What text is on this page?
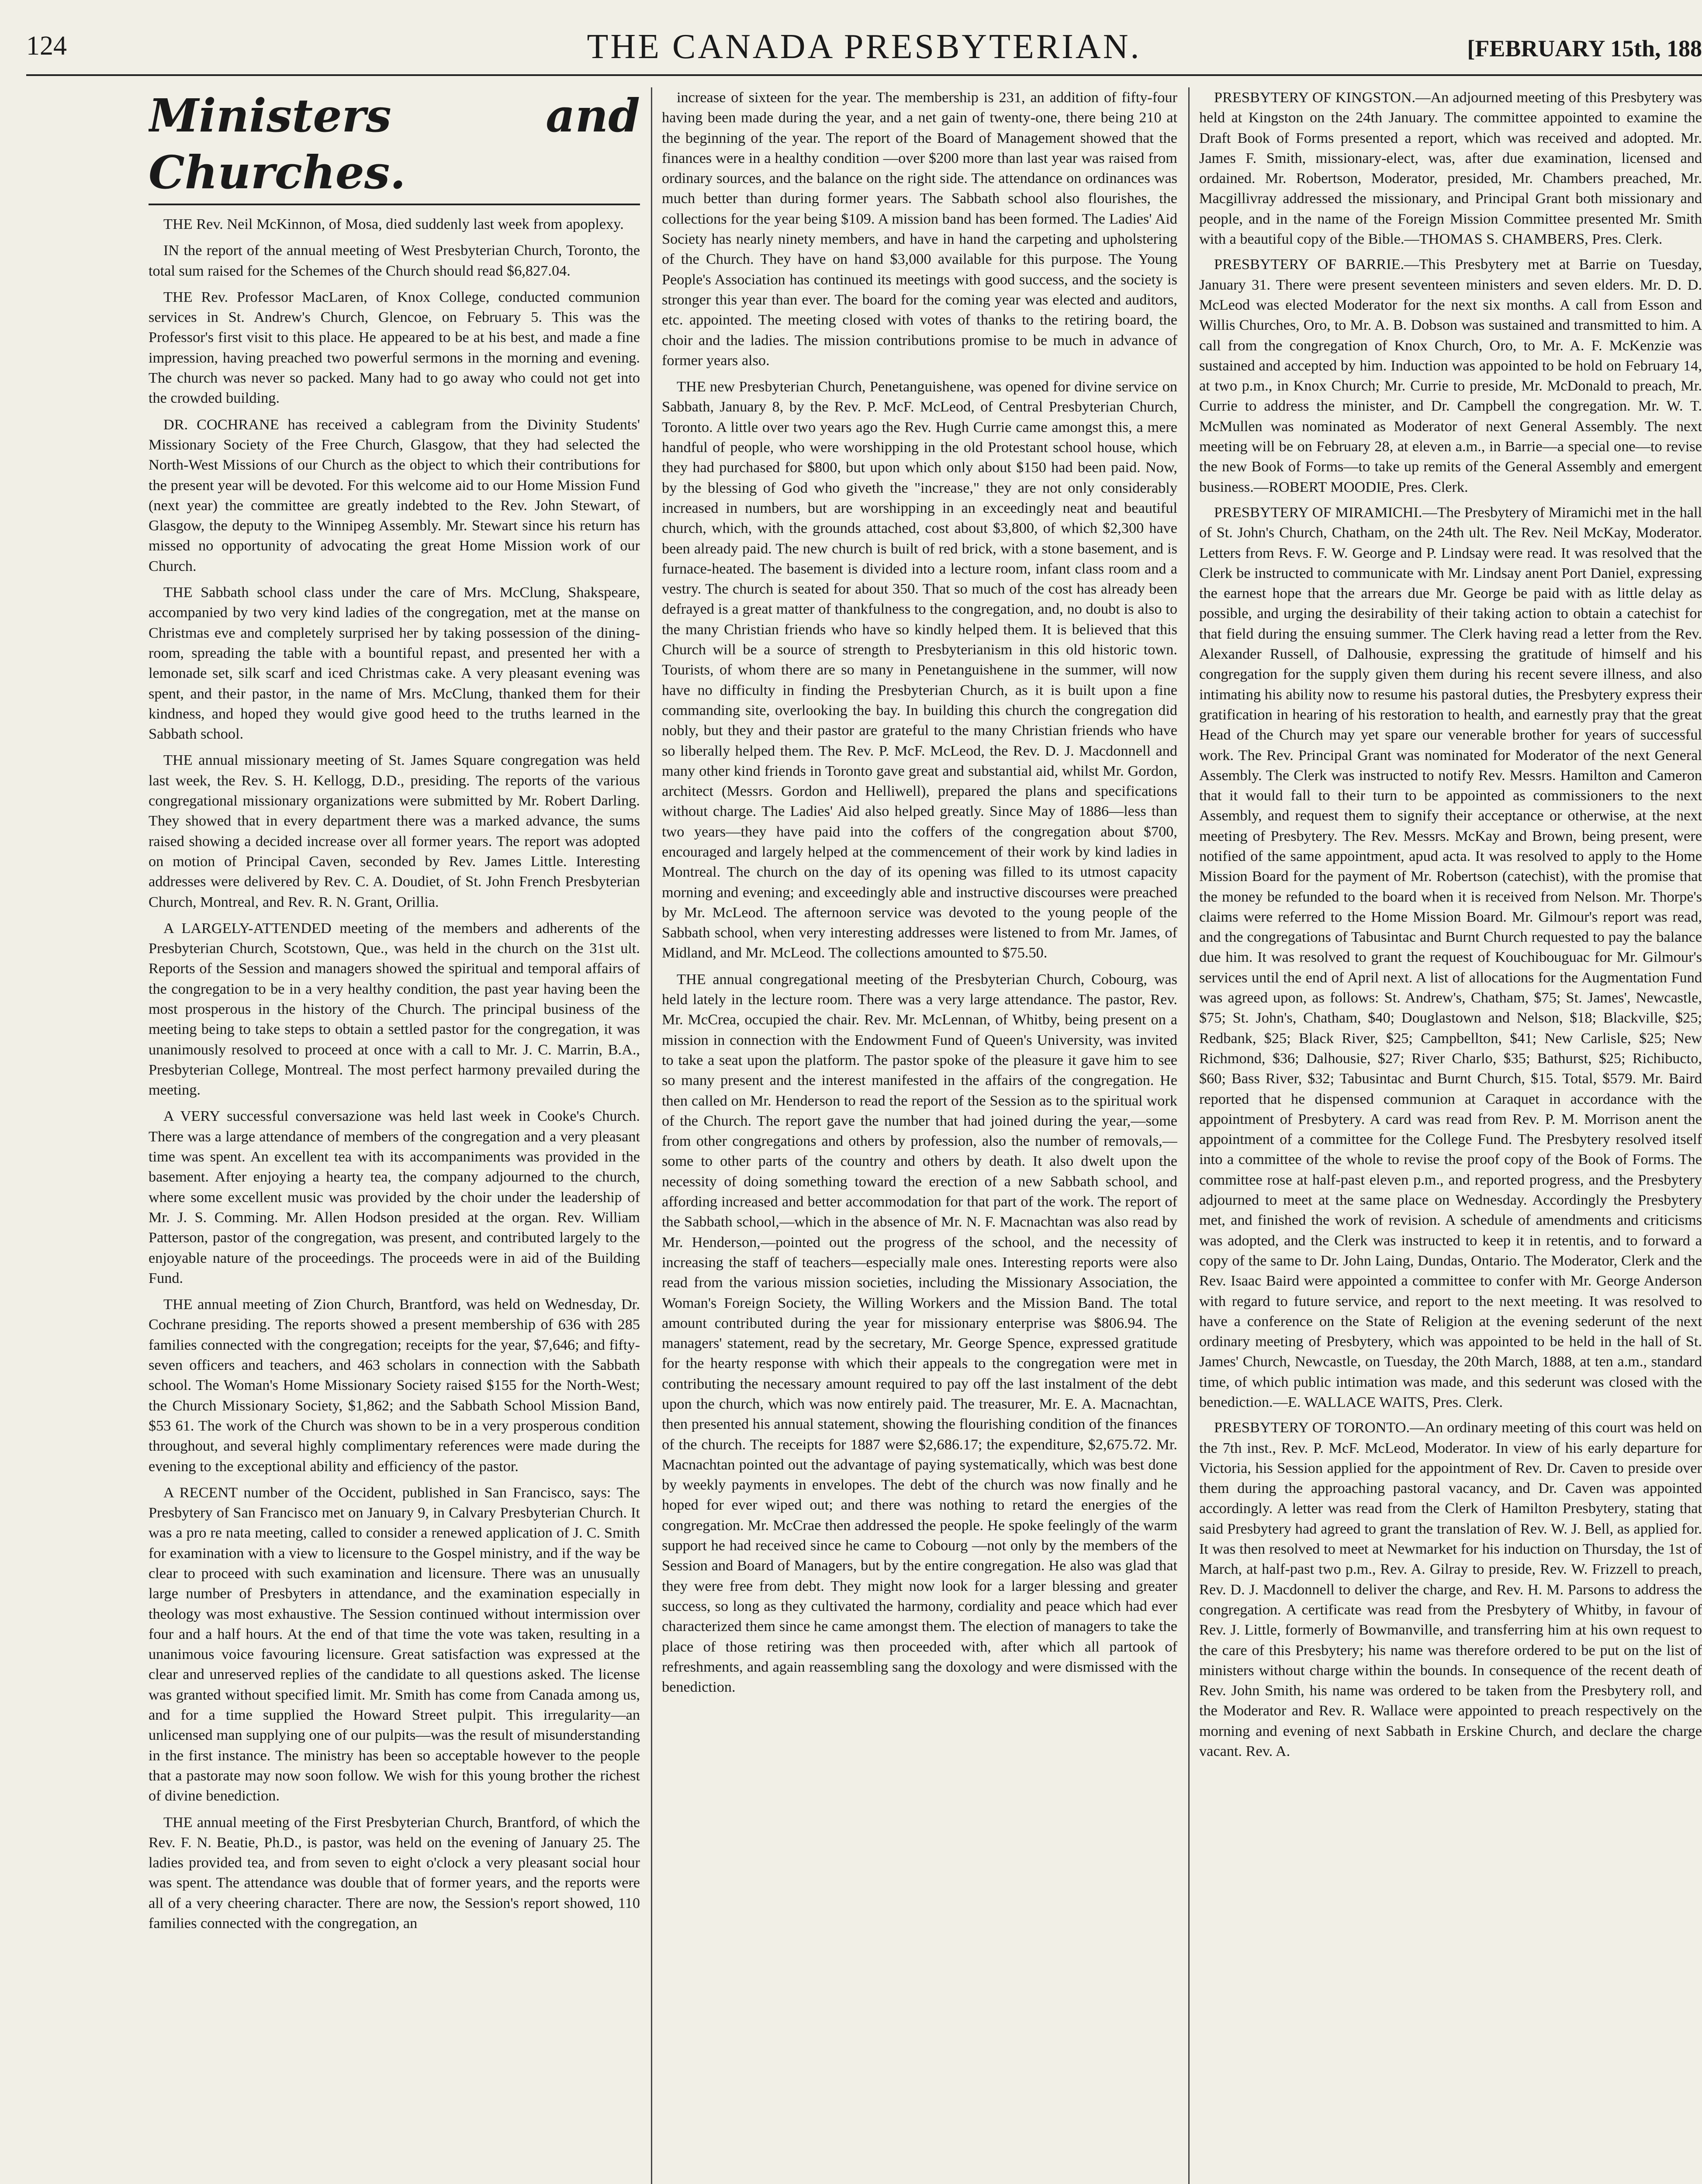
124	THE CANADA PRESBYTERIAN.	[FEBRUARY 15th, 188
Ministers and Churches.

THE Rev. Neil McKinnon, of Mosa, died suddenly last week from apoplexy.

IN the report of the annual meeting of West Presbyterian Church, Toronto, the total sum raised for the Schemes of the Church should read $6,827.04.

THE Rev. Professor MacLaren, of Knox College, conducted communion services in St. Andrew's Church, Glencoe, on February 5. This was the Professor's first visit to this place. He appeared to be at his best, and made a fine impression, having preached two powerful sermons in the morning and evening. The church was never so packed. Many had to go away who could not get into the crowded building.

DR. COCHRANE has received a cablegram from the Divinity Students' Missionary Society of the Free Church, Glasgow, that they had selected the North-West Missions of our Church as the object to which their contributions for the present year will be devoted. For this welcome aid to our Home Mission Fund (next year) the committee are greatly indebted to the Rev. John Stewart, of Glasgow, the deputy to the Winnipeg Assembly. Mr. Stewart since his return has missed no opportunity of advocating the great Home Mission work of our Church.

THE Sabbath school class under the care of Mrs. McClung, Shakspeare, accompanied by two very kind ladies of the congregation, met at the manse on Christmas eve and completely surprised her by taking possession of the dining-room, spreading the table with a bountiful repast, and presented her with a lemonade set, silk scarf and iced Christmas cake. A very pleasant evening was spent, and their pastor, in the name of Mrs. McClung, thanked them for their kindness, and hoped they would give good heed to the truths learned in the Sabbath school.

THE annual missionary meeting of St. James Square congregation was held last week, the Rev. S. H. Kellogg, D.D., presiding. The reports of the various congregational missionary organizations were submitted by Mr. Robert Darling. They showed that in every department there was a marked advance, the sums raised showing a decided increase over all former years. The report was adopted on motion of Principal Caven, seconded by Rev. James Little. Interesting addresses were delivered by Rev. C. A. Doudiet, of St. John French Presbyterian Church, Montreal, and Rev. R. N. Grant, Orillia.

A LARGELY-ATTENDED meeting of the members and adherents of the Presbyterian Church, Scotstown, Que., was held in the church on the 31st ult. Reports of the Session and managers showed the spiritual and temporal affairs of the congregation to be in a very healthy condition, the past year having been the most prosperous in the history of the Church. The principal business of the meeting being to take steps to obtain a settled pastor for the congregation, it was unanimously resolved to proceed at once with a call to Mr. J. C. Marrin, B.A., Presbyterian College, Montreal. The most perfect harmony prevailed during the meeting.

A VERY successful conversazione was held last week in Cooke's Church. There was a large attendance of members of the congregation and a very pleasant time was spent. An excellent tea with its accompaniments was provided in the basement. After enjoying a hearty tea, the company adjourned to the church, where some excellent music was provided by the choir under the leadership of Mr. J. S. Comming. Mr. Allen Hodson presided at the organ. Rev. William Patterson, pastor of the congregation, was present, and contributed largely to the enjoyable nature of the proceedings. The proceeds were in aid of the Building Fund.

THE annual meeting of Zion Church, Brantford, was held on Wednesday, Dr. Cochrane presiding. The reports showed a present membership of 636 with 285 families connected with the congregation; receipts for the year, $7,646; and fifty-seven officers and teachers, and 463 scholars in connection with the Sabbath school. The Woman's Home Missionary Society raised $155 for the North-West; the Church Missionary Society, $1,862; and the Sabbath School Mission Band, $53 61. The work of the Church was shown to be in a very prosperous condition throughout, and several highly complimentary references were made during the evening to the exceptional ability and efficiency of the pastor.

A RECENT number of the Occident, published in San Francisco, says: The Presbytery of San Francisco met on January 9, in Calvary Presbyterian Church. It was a pro re nata meeting, called to consider a renewed application of J. C. Smith for examination with a view to licensure to the Gospel ministry, and if the way be clear to proceed with such examination and licensure. There was an unusually large number of Presbyters in attendance, and the examination especially in theology was most exhaustive. The Session continued without intermission over four and a half hours. At the end of that time the vote was taken, resulting in a unanimous voice favouring licensure. Great satisfaction was expressed at the clear and unreserved replies of the candidate to all questions asked. The license was granted without specified limit. Mr. Smith has come from Canada among us, and for a time supplied the Howard Street pulpit. This irregularity—an unlicensed man supplying one of our pulpits—was the result of misunderstanding in the first instance. The ministry has been so acceptable however to the people that a pastorate may now soon follow. We wish for this young brother the richest of divine benediction.

THE annual meeting of the First Presbyterian Church, Brantford, of which the Rev. F. N. Beatie, Ph.D., is pastor, was held on the evening of January 25. The ladies provided tea, and from seven to eight o'clock a very pleasant social hour was spent. The attendance was double that of former years, and the reports were all of a very cheering character. There are now, the Session's report showed, 110 families connected with the congregation, an

increase of sixteen for the year. The membership is 231, an addition of fifty-four having been made during the year, and a net gain of twenty-one, there being 210 at the beginning of the year. The report of the Board of Management showed that the finances were in a healthy condition —over $200 more than last year was raised from ordinary sources, and the balance on the right side. The attendance on ordinances was much better than during former years. The Sabbath school also flourishes, the collections for the year being $109. A mission band has been formed. The Ladies' Aid Society has nearly ninety members, and have in hand the carpeting and upholstering of the Church. They have on hand $3,000 available for this purpose. The Young People's Association has continued its meetings with good success, and the society is stronger this year than ever. The board for the coming year was elected and auditors, etc. appointed. The meeting closed with votes of thanks to the retiring board, the choir and the ladies. The mission contributions promise to be much in advance of former years also.

THE new Presbyterian Church, Penetanguishene, was opened for divine service on Sabbath, January 8, by the Rev. P. McF. McLeod, of Central Presbyterian Church, Toronto. A little over two years ago the Rev. Hugh Currie came amongst this, a mere handful of people, who were worshipping in the old Protestant school house, which they had purchased for $800, but upon which only about $150 had been paid. Now, by the blessing of God who giveth the "increase," they are not only considerably increased in numbers, but are worshipping in an exceedingly neat and beautiful church, which, with the grounds attached, cost about $3,800, of which $2,300 have been already paid. The new church is built of red brick, with a stone basement, and is furnace-heated. The basement is divided into a lecture room, infant class room and a vestry. The church is seated for about 350. That so much of the cost has already been defrayed is a great matter of thankfulness to the congregation, and, no doubt is also to the many Christian friends who have so kindly helped them. It is believed that this Church will be a source of strength to Presbyterianism in this old historic town. Tourists, of whom there are so many in Penetanguishene in the summer, will now have no difficulty in finding the Presbyterian Church, as it is built upon a fine commanding site, overlooking the bay. In building this church the congregation did nobly, but they and their pastor are grateful to the many Christian friends who have so liberally helped them. The Rev. P. McF. McLeod, the Rev. D. J. Macdonnell and many other kind friends in Toronto gave great and substantial aid, whilst Mr. Gordon, architect (Messrs. Gordon and Helliwell), prepared the plans and specifications without charge. The Ladies' Aid also helped greatly. Since May of 1886—less than two years—they have paid into the coffers of the congregation about $700, encouraged and largely helped at the commencement of their work by kind ladies in Montreal. The church on the day of its opening was filled to its utmost capacity morning and evening; and exceedingly able and instructive discourses were preached by Mr. McLeod. The afternoon service was devoted to the young people of the Sabbath school, when very interesting addresses were listened to from Mr. James, of Midland, and Mr. McLeod. The collections amounted to $75.50.

THE annual congregational meeting of the Presbyterian Church, Cobourg, was held lately in the lecture room. There was a very large attendance. The pastor, Rev. Mr. McCrea, occupied the chair. Rev. Mr. McLennan, of Whitby, being present on a mission in connection with the Endowment Fund of Queen's University, was invited to take a seat upon the platform. The pastor spoke of the pleasure it gave him to see so many present and the interest manifested in the affairs of the congregation. He then called on Mr. Henderson to read the report of the Session as to the spiritual work of the Church. The report gave the number that had joined during the year,—some from other congregations and others by profession, also the number of removals,—some to other parts of the country and others by death. It also dwelt upon the necessity of doing something toward the erection of a new Sabbath school, and affording increased and better accommodation for that part of the work. The report of the Sabbath school,—which in the absence of Mr. N. F. Macnachtan was also read by Mr. Henderson,—pointed out the progress of the school, and the necessity of increasing the staff of teachers—especially male ones. Interesting reports were also read from the various mission societies, including the Missionary Association, the Woman's Foreign Society, the Willing Workers and the Mission Band. The total amount contributed during the year for missionary enterprise was $806.94. The managers' statement, read by the secretary, Mr. George Spence, expressed gratitude for the hearty response with which their appeals to the congregation were met in contributing the necessary amount required to pay off the last instalment of the debt upon the church, which was now entirely paid. The treasurer, Mr. E. A. Macnachtan, then presented his annual statement, showing the flourishing condition of the finances of the church. The receipts for 1887 were $2,686.17; the expenditure, $2,675.72. Mr. Macnachtan pointed out the advantage of paying systematically, which was best done by weekly payments in envelopes. The debt of the church was now finally and he hoped for ever wiped out; and there was nothing to retard the energies of the congregation. Mr. McCrae then addressed the people. He spoke feelingly of the warm support he had received since he came to Cobourg —not only by the members of the Session and Board of Managers, but by the entire congregation. He also was glad that they were free from debt. They might now look for a larger blessing and greater success, so long as they cultivated the harmony, cordiality and peace which had ever characterized them since he came amongst them. The election of managers to take the place of those retiring was then proceeded with, after which all partook of refreshments, and again reassembling sang the doxology and were dismissed with the benediction.

PRESBYTERY OF KINGSTON.—An adjourned meeting of this Presbytery was held at Kingston on the 24th January. The committee appointed to examine the Draft Book of Forms presented a report, which was received and adopted. Mr. James F. Smith, missionary-elect, was, after due examination, licensed and ordained. Mr. Robertson, Moderator, presided, Mr. Chambers preached, Mr. Macgillivray addressed the missionary, and Principal Grant both missionary and people, and in the name of the Foreign Mission Committee presented Mr. Smith with a beautiful copy of the Bible.—THOMAS S. CHAMBERS, Pres. Clerk.

PRESBYTERY OF BARRIE.—This Presbytery met at Barrie on Tuesday, January 31. There were present seventeen ministers and seven elders. Mr. D. D. McLeod was elected Moderator for the next six months. A call from Esson and Willis Churches, Oro, to Mr. A. B. Dobson was sustained and transmitted to him. A call from the congregation of Knox Church, Oro, to Mr. A. F. McKenzie was sustained and accepted by him. Induction was appointed to be hold on February 14, at two p.m., in Knox Church; Mr. Currie to preside, Mr. McDonald to preach, Mr. Currie to address the minister, and Dr. Campbell the congregation. Mr. W. T. McMullen was nominated as Moderator of next General Assembly. The next meeting will be on February 28, at eleven a.m., in Barrie—a special one—to revise the new Book of Forms—to take up remits of the General Assembly and emergent business.—ROBERT MOODIE, Pres. Clerk.

PRESBYTERY OF MIRAMICHI.—The Presbytery of Miramichi met in the hall of St. John's Church, Chatham, on the 24th ult. The Rev. Neil McKay, Moderator. Letters from Revs. F. W. George and P. Lindsay were read. It was resolved that the Clerk be instructed to communicate with Mr. Lindsay anent Port Daniel, expressing the earnest hope that the arrears due Mr. George be paid with as little delay as possible, and urging the desirability of their taking action to obtain a catechist for that field during the ensuing summer. The Clerk having read a letter from the Rev. Alexander Russell, of Dalhousie, expressing the gratitude of himself and his congregation for the supply given them during his recent severe illness, and also intimating his ability now to resume his pastoral duties, the Presbytery express their gratification in hearing of his restoration to health, and earnestly pray that the great Head of the Church may yet spare our venerable brother for years of successful work. The Rev. Principal Grant was nominated for Moderator of the next General Assembly. The Clerk was instructed to notify Rev. Messrs. Hamilton and Cameron that it would fall to their turn to be appointed as commissioners to the next Assembly, and request them to signify their acceptance or otherwise, at the next meeting of Presbytery. The Rev. Messrs. McKay and Brown, being present, were notified of the same appointment, apud acta. It was resolved to apply to the Home Mission Board for the payment of Mr. Robertson (catechist), with the promise that the money be refunded to the board when it is received from Nelson. Mr. Thorpe's claims were referred to the Home Mission Board. Mr. Gilmour's report was read, and the congregations of Tabusintac and Burnt Church requested to pay the balance due him. It was resolved to grant the request of Kouchibouguac for Mr. Gilmour's services until the end of April next. A list of allocations for the Augmentation Fund was agreed upon, as follows: St. Andrew's, Chatham, $75; St. James', Newcastle, $75; St. John's, Chatham, $40; Douglastown and Nelson, $18; Blackville, $25; Redbank, $25; Black River, $25; Campbellton, $41; New Carlisle, $25; New Richmond, $36; Dalhousie, $27; River Charlo, $35; Bathurst, $25; Richibucto, $60; Bass River, $32; Tabusintac and Burnt Church, $15. Total, $579. Mr. Baird reported that he dispensed communion at Caraquet in accordance with the appointment of Presbytery. A card was read from Rev. P. M. Morrison anent the appointment of a committee for the College Fund. The Presbytery resolved itself into a committee of the whole to revise the proof copy of the Book of Forms. The committee rose at half-past eleven p.m., and reported progress, and the Presbytery adjourned to meet at the same place on Wednesday. Accordingly the Presbytery met, and finished the work of revision. A schedule of amendments and criticisms was adopted, and the Clerk was instructed to keep it in retentis, and to forward a copy of the same to Dr. John Laing, Dundas, Ontario. The Moderator, Clerk and the Rev. Isaac Baird were appointed a committee to confer with Mr. George Anderson with regard to future service, and report to the next meeting. It was resolved to have a conference on the State of Religion at the evening sederunt of the next ordinary meeting of Presbytery, which was appointed to be held in the hall of St. James' Church, Newcastle, on Tuesday, the 20th March, 1888, at ten a.m., standard time, of which public intimation was made, and this sederunt was closed with the benediction.—E. WALLACE WAITS, Pres. Clerk.

PRESBYTERY OF TORONTO.—An ordinary meeting of this court was held on the 7th inst., Rev. P. McF. McLeod, Moderator. In view of his early departure for Victoria, his Session applied for the appointment of Rev. Dr. Caven to preside over them during the approaching pastoral vacancy, and Dr. Caven was appointed accordingly. A letter was read from the Clerk of Hamilton Presbytery, stating that said Presbytery had agreed to grant the translation of Rev. W. J. Bell, as applied for. It was then resolved to meet at Newmarket for his induction on Thursday, the 1st of March, at half-past two p.m., Rev. A. Gilray to preside, Rev. W. Frizzell to preach, Rev. D. J. Macdonnell to deliver the charge, and Rev. H. M. Parsons to address the congregation. A certificate was read from the Presbytery of Whitby, in favour of Rev. J. Little, formerly of Bowmanville, and transferring him at his own request to the care of this Presbytery; his name was therefore ordered to be put on the list of ministers without charge within the bounds. In consequence of the recent death of Rev. John Smith, his name was ordered to be taken from the Presbytery roll, and the Moderator and Rev. R. Wallace were appointed to preach respectively on the morning and evening of next Sabbath in Erskine Church, and declare the charge vacant. Rev. A.
